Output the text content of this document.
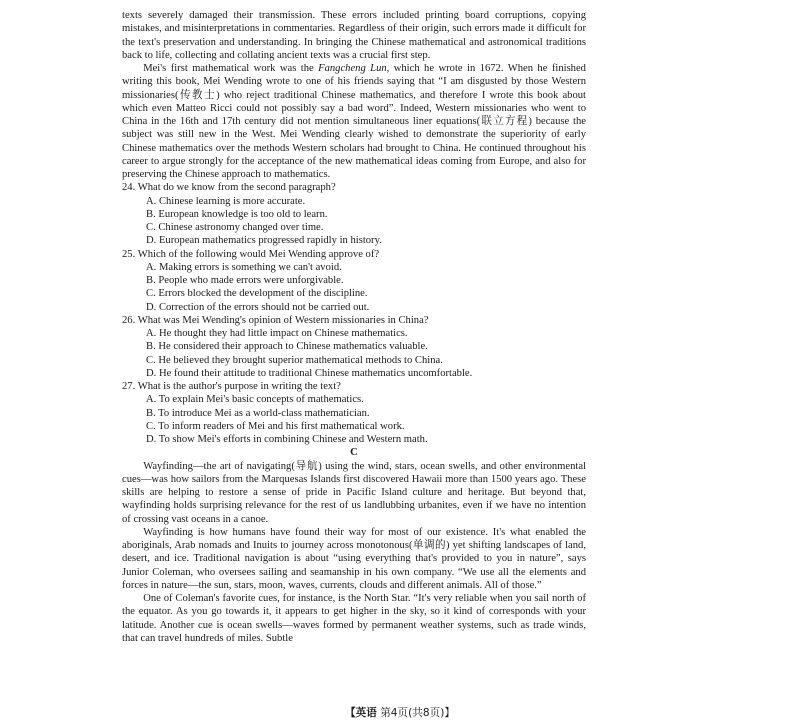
texts severely damaged their transmission. These errors included printing board corruptions, copying mistakes, and misinterpretations in commentaries. Regardless of their origin, such errors made it difficult for the text's preservation and understanding. In bringing the Chinese mathematical and astronomical traditions back to life, collecting and collating ancient texts was a crucial first step.

Mei's first mathematical work was the Fangcheng Lun, which he wrote in 1672. When he finished writing this book, Mei Wending wrote to one of his friends saying that “I am disgusted by those Western missionaries(传教士) who reject traditional Chinese mathematics, and therefore I wrote this book about which even Matteo Ricci could not possibly say a bad word”. Indeed, Western missionaries who went to China in the 16th and 17th century did not mention simultaneous liner equations(联立方程) because the subject was still new in the West. Mei Wending clearly wished to demonstrate the superiority of early Chinese mathematics over the methods Western scholars had brought to China. He continued throughout his career to argue strongly for the acceptance of the new mathematical ideas coming from Europe, and also for preserving the Chinese approach to mathematics.

24. What do we know from the second paragraph?

A. Chinese learning is more accurate.

B. European knowledge is too old to learn.

C. Chinese astronomy changed over time.

D. European mathematics progressed rapidly in history.

25. Which of the following would Mei Wending approve of?

A. Making errors is something we can't avoid.

B. People who made errors were unforgivable.

C. Errors blocked the development of the discipline.

D. Correction of the errors should not be carried out.

26. What was Mei Wending's opinion of Western missionaries in China?

A. He thought they had little impact on Chinese mathematics.

B. He considered their approach to Chinese mathematics valuable.

C. He believed they brought superior mathematical methods to China.

D. He found their attitude to traditional Chinese mathematics uncomfortable.

27. What is the author's purpose in writing the text?

A. To explain Mei's basic concepts of mathematics.

B. To introduce Mei as a world-class mathematician.

C. To inform readers of Mei and his first mathematical work.

D. To show Mei's efforts in combining Chinese and Western math.

C

Wayfinding—the art of navigating(导航) using the wind, stars, ocean swells, and other environmental cues—was how sailors from the Marquesas Islands first discovered Hawaii more than 1500 years ago. These skills are helping to restore a sense of pride in Pacific Island culture and heritage. But beyond that, wayfinding holds surprising relevance for the rest of us landlubbing urbanites, even if we have no intention of crossing vast oceans in a canoe.

Wayfinding is how humans have found their way for most of our existence. It's what enabled the aboriginals, Arab nomads and Inuits to journey across monotonous(单调的) yet shifting landscapes of land, desert, and ice. Traditional navigation is about “using everything that's provided to you in nature”, says Junior Coleman, who oversees sailing and seamanship in his own company. “We use all the elements and forces in nature—the sun, stars, moon, waves, currents, clouds and different animals. All of those.”

One of Coleman's favorite cues, for instance, is the North Star. “It's very reliable when you sail north of the equator. As you go towards it, it appears to get higher in the sky, so it kind of corresponds with your latitude. Another cue is ocean swells—waves formed by permanent weather systems, such as trade winds, that can travel hundreds of miles. Subtle

【英语 第4页(共8页)】
